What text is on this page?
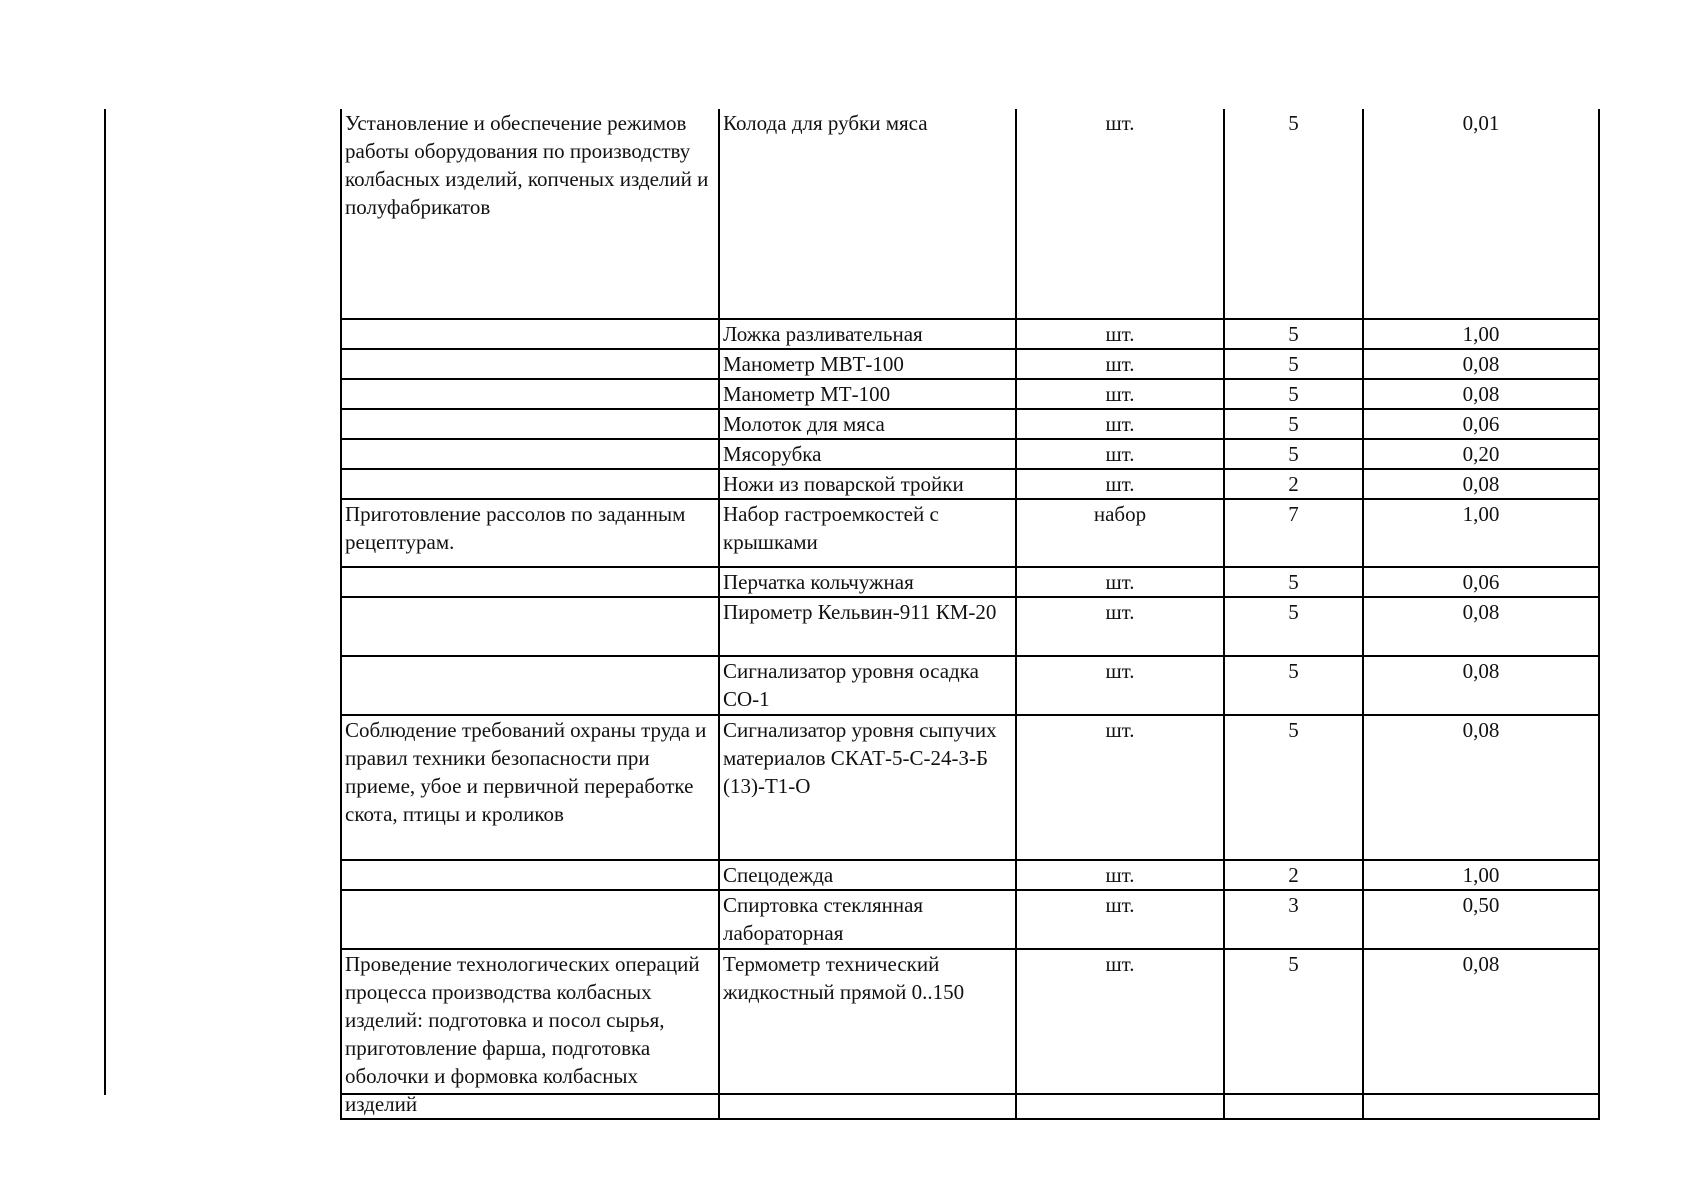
Установление и обеспечение режимов работы оборудования по производству колбасных изделий, копченых изделий и полуфабрикатов	Колода для рубки мяса	шт.	5	0,01
	Ложка разливательная	шт.	5	1,00
	Манометр МВТ-100	шт.	5	0,08
	Манометр МТ-100	шт.	5	0,08
	Молоток для мяса	шт.	5	0,06
	Мясорубка	шт.	5	0,20
	Ножи из поварской тройки	шт.	2	0,08
Приготовление рассолов по заданным рецептурам.	Набор гастроемкостей с крышками	набор	7	1,00
	Перчатка кольчужная	шт.	5	0,06
	Пирометр Кельвин-911 КМ-20	шт.	5	0,08
	Сигнализатор уровня осадка СО-1	шт.	5	0,08
Соблюдение требований охраны труда и правил техники безопасности при приеме, убое и первичной переработке скота, птицы и кроликов	Сигнализатор уровня сыпучих материалов СКАТ-5-С-24-З-Б (13)-Т1-О	шт.	5	0,08
	Спецодежда	шт.	2	1,00
	Спиртовка стеклянная лабораторная	шт.	3	0,50
Проведение технологических операций процесса производства колбасных изделий: подготовка и посол сырья, приготовление фарша, подготовка оболочки и формовка колбасных изделий	Термометр технический жидкостный прямой 0..150	шт.	5	0,08
